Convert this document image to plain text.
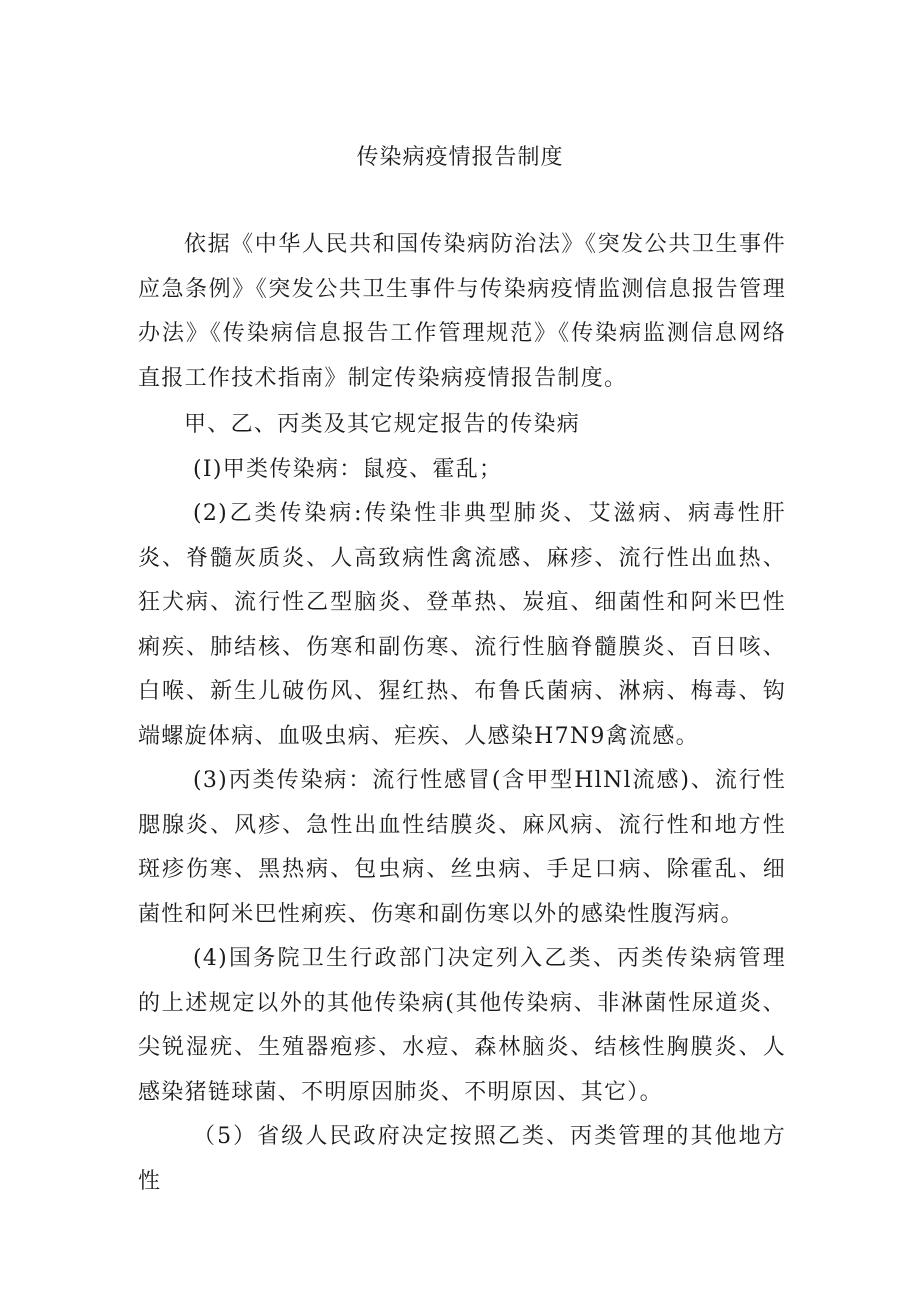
传染病疫情报告制度

依据《中华人民共和国传染病防治法》《突发公共卫生事件应急条例》《突发公共卫生事件与传染病疫情监测信息报告管理办法》《传染病信息报告工作管理规范》《传染病监测信息网络直报工作技术指南》制定传染病疫情报告制度。

甲、乙、丙类及其它规定报告的传染病

(I)甲类传染病：鼠疫、霍乱；

(2)乙类传染病:传染性非典型肺炎、艾滋病、病毒性肝炎、脊髓灰质炎、人高致病性禽流感、麻疹、流行性出血热、狂犬病、流行性乙型脑炎、登革热、炭疽、细菌性和阿米巴性痢疾、肺结核、伤寒和副伤寒、流行性脑脊髓膜炎、百日咳、白喉、新生儿破伤风、猩红热、布鲁氏菌病、淋病、梅毒、钩端螺旋体病、血吸虫病、疟疾、人感染H7N9禽流感。

(3)丙类传染病：流行性感冒(含甲型HlNl流感)、流行性腮腺炎、风疹、急性出血性结膜炎、麻风病、流行性和地方性斑疹伤寒、黑热病、包虫病、丝虫病、手足口病、除霍乱、细菌性和阿米巴性痢疾、伤寒和副伤寒以外的感染性腹泻病。

(4)国务院卫生行政部门决定列入乙类、丙类传染病管理的上述规定以外的其他传染病(其他传染病、非淋菌性尿道炎、尖锐湿疣、生殖器疱疹、水痘、森林脑炎、结核性胸膜炎、人感染猪链球菌、不明原因肺炎、不明原因、其它）。

（5）省级人民政府决定按照乙类、丙类管理的其他地方性
